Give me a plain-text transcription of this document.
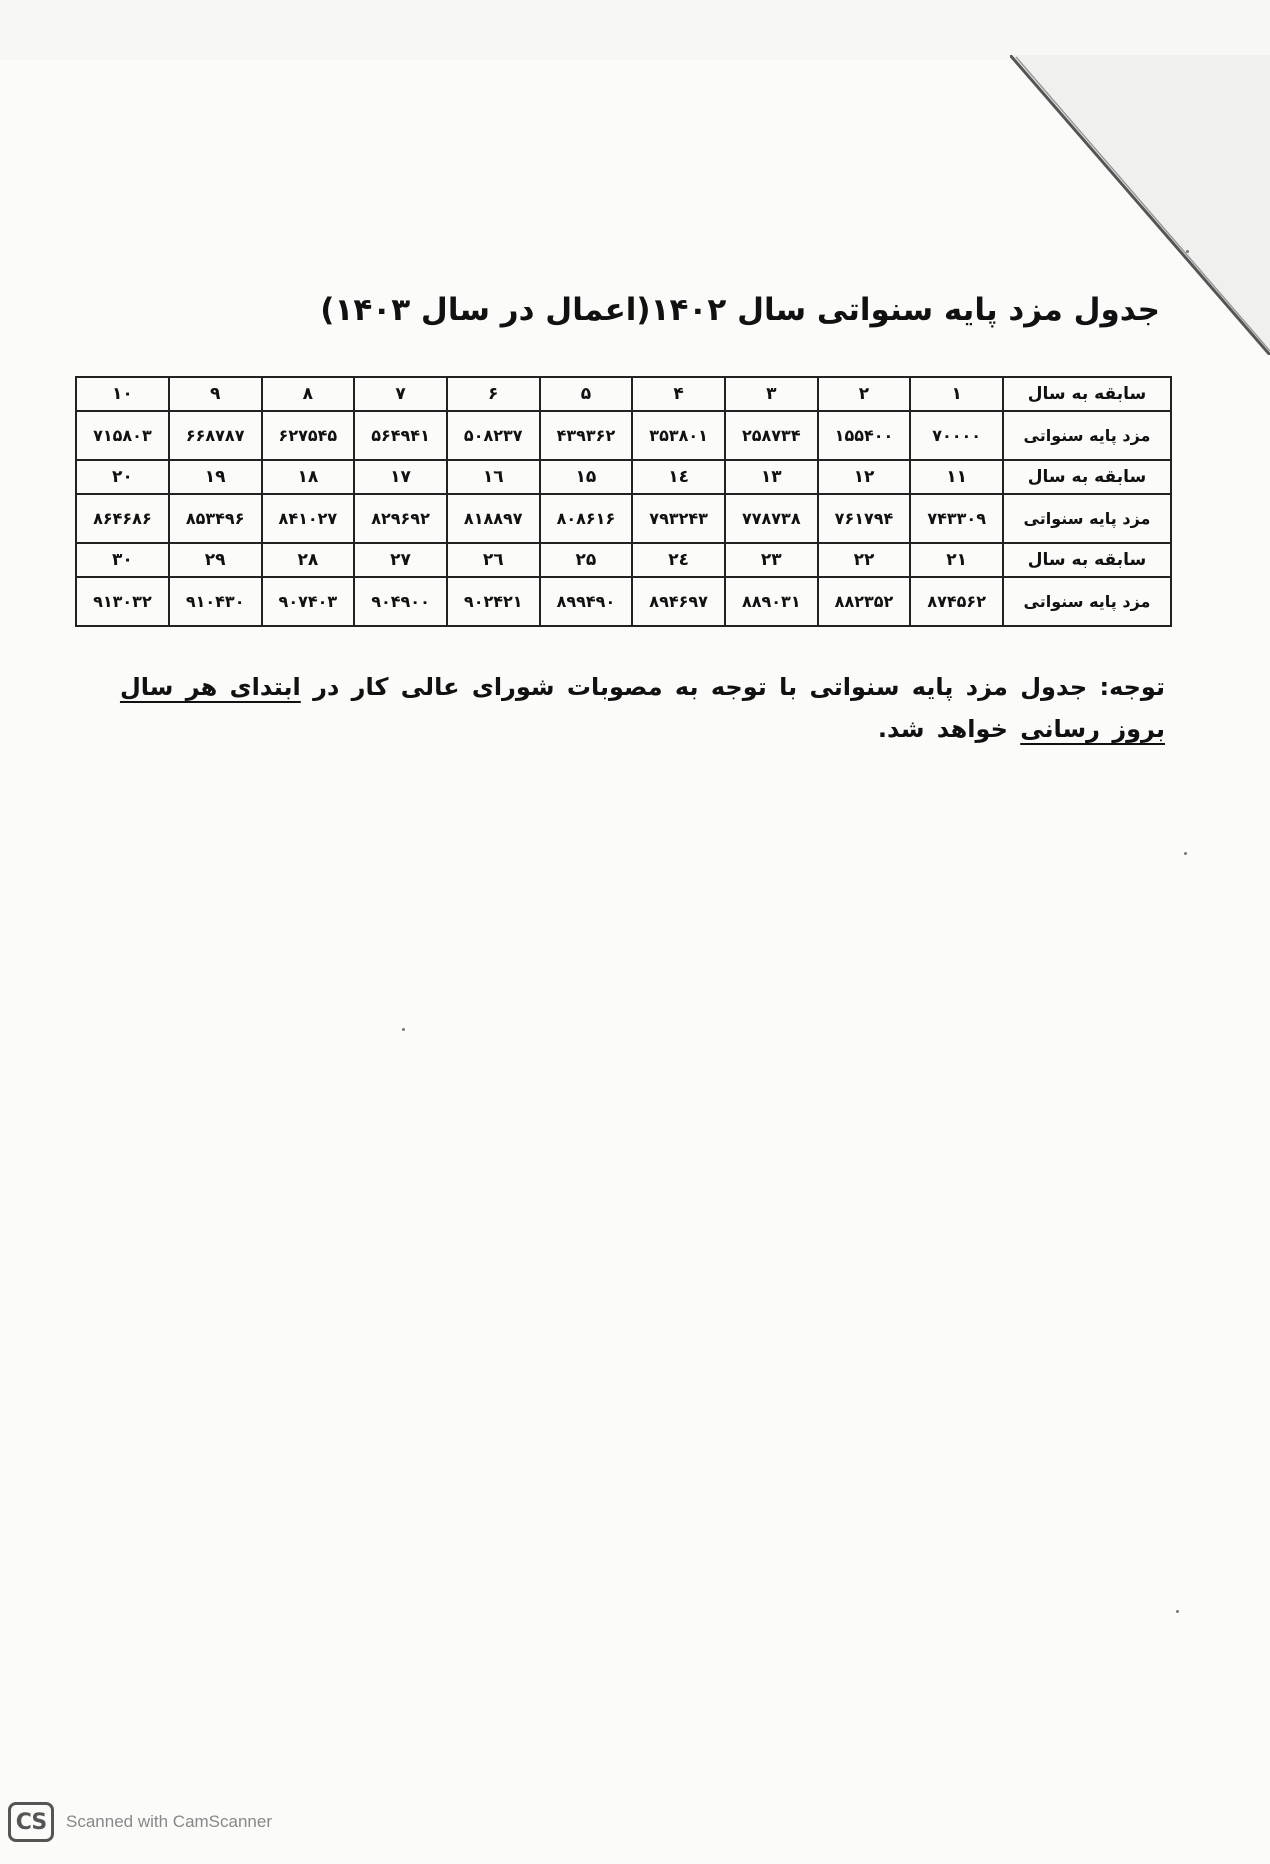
جدول مزد پایه سنواتی سال ۱۴۰۲(اعمال در سال ۱۴۰۳)
سابقه به سال	۱	۲	۳	۴	۵	۶	۷	۸	۹	۱۰
مزد پایه سنواتی	۷۰۰۰۰	۱۵۵۴۰۰	۲۵۸۷۳۴	۳۵۳۸۰۱	۴۳۹۳۶۲	۵۰۸۲۳۷	۵۶۴۹۴۱	۶۲۷۵۴۵	۶۶۸۷۸۷	۷۱۵۸۰۳
سابقه به سال	۱۱	۱۲	۱۳	۱٤	۱۵	۱٦	۱۷	۱۸	۱۹	۲۰
مزد پایه سنواتی	۷۴۳۳۰۹	۷۶۱۷۹۴	۷۷۸۷۳۸	۷۹۳۲۴۳	۸۰۸۶۱۶	۸۱۸۸۹۷	۸۲۹۶۹۲	۸۴۱۰۲۷	۸۵۳۴۹۶	۸۶۴۶۸۶
سابقه به سال	۲۱	۲۲	۲۳	۲٤	۲۵	۲٦	۲۷	۲۸	۲۹	۳۰
مزد پایه سنواتی	۸۷۴۵۶۲	۸۸۲۳۵۲	۸۸۹۰۳۱	۸۹۴۶۹۷	۸۹۹۴۹۰	۹۰۲۴۲۱	۹۰۴۹۰۰	۹۰۷۴۰۳	۹۱۰۴۳۰	۹۱۳۰۳۲
توجه: جدول مزد پایه سنواتی با توجه به مصوبات شورای عالی کار در ابتدای هر سال بروز رسانی خواهد شد.
CS	Scanned with CamScanner
